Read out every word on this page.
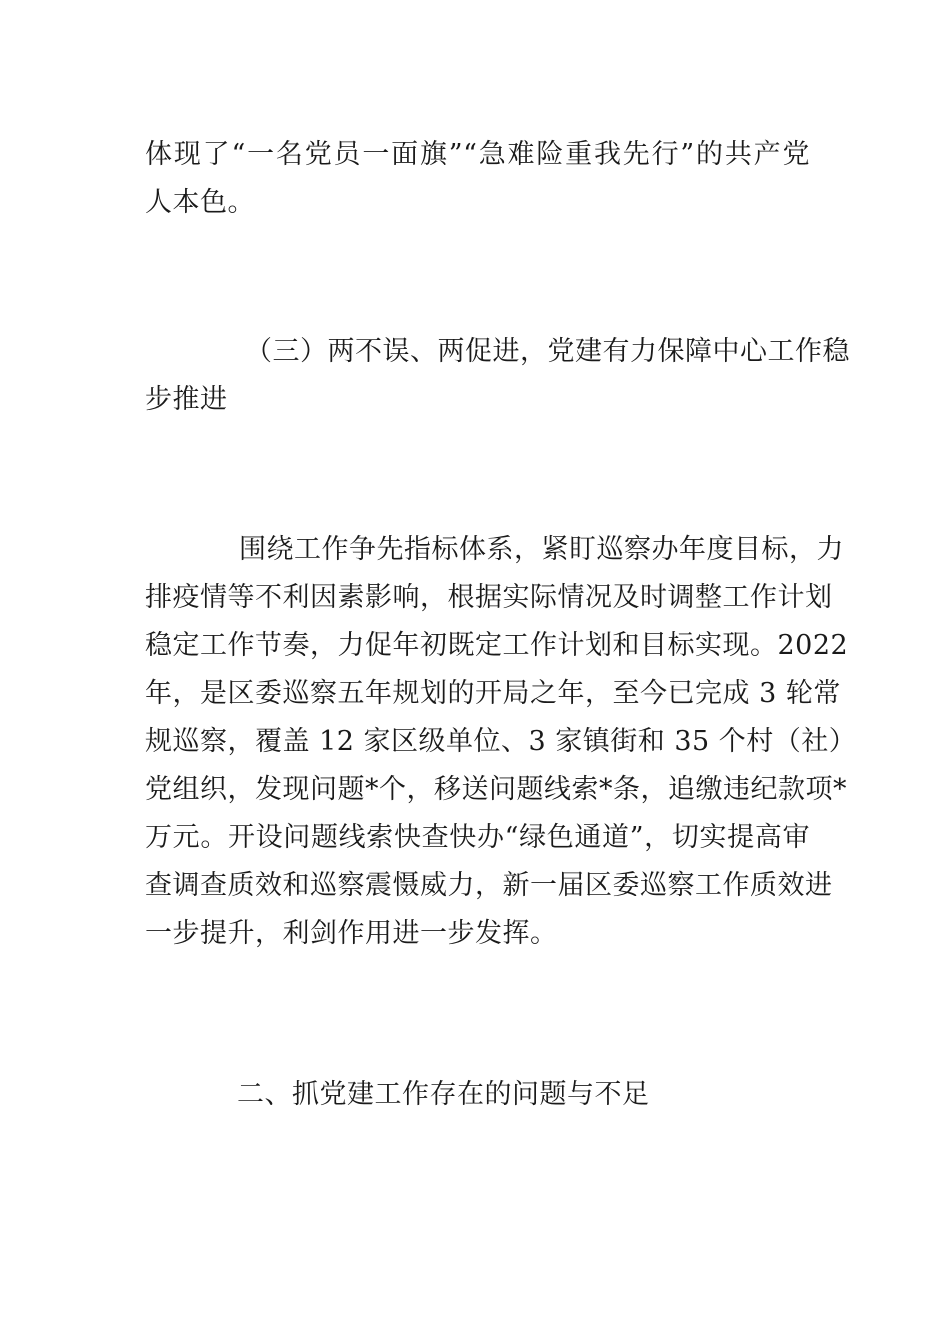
体现了“一名党员一面旗”“急难险重我先行”的共产党
人本色。
（三）两不误、两促进，党建有力保障中心工作稳
步推进
围绕工作争先指标体系，紧盯巡察办年度目标，力
排疫情等不利因素影响，根据实际情况及时调整工作计划
稳定工作节奏，力促年初既定工作计划和目标实现。2022
年，是区委巡察五年规划的开局之年，至今已完成 3 轮常
规巡察，覆盖 12 家区级单位、3 家镇街和 35 个村（社）
党组织，发现问题*个，移送问题线索*条，追缴违纪款项*
万元。开设问题线索快查快办“绿色通道”，切实提高审
查调查质效和巡察震慑威力，新一届区委巡察工作质效进
一步提升，利剑作用进一步发挥。
二、抓党建工作存在的问题与不足
